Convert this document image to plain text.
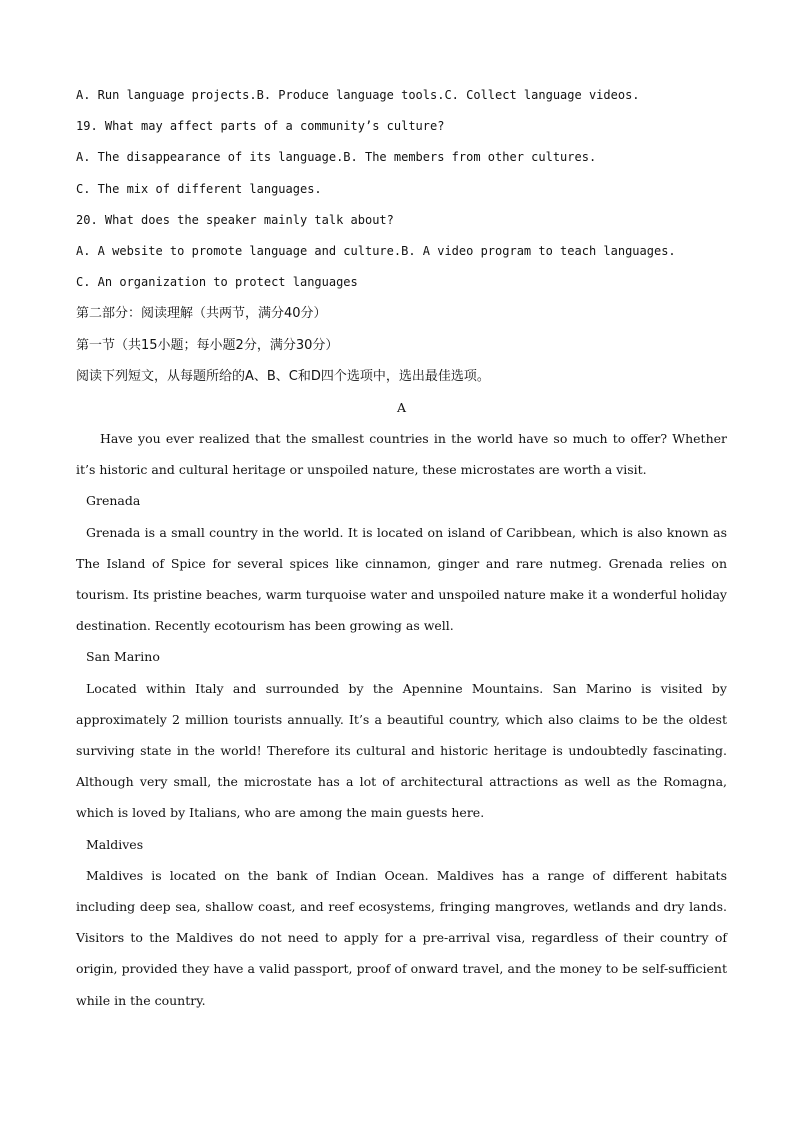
A. Run language projects.B. Produce language tools.C. Collect language videos.

19. What may affect parts of a community’s culture?

A. The disappearance of its language.B. The members from other cultures.

C. The mix of different languages.

20. What does the speaker mainly talk about?

A. A website to promote language and culture.B. A video program to teach languages.

C. An organization to protect languages

第二部分：阅读理解（共两节，满分40分）

第一节（共15小题；每小题2分，满分30分）

阅读下列短文，从每题所给的A、B、C和D四个选项中，选出最佳选项。

A

Have you ever realized that the smallest countries in the world have so much to offer? Whether it’s historic and cultural heritage or unspoiled nature, these microstates are worth a visit.

Grenada

Grenada is a small country in the world. It is located on island of Caribbean, which is also known as The Island of Spice for several spices like cinnamon, ginger and rare nutmeg. Grenada relies on tourism. Its pristine beaches, warm turquoise water and unspoiled nature make it a wonderful holiday destination. Recently ecotourism has been growing as well.

San Marino

Located within Italy and surrounded by the Apennine Mountains. San Marino is visited by approximately 2 million tourists annually. It’s a beautiful country, which also claims to be the oldest surviving state in the world! Therefore its cultural and historic heritage is undoubtedly fascinating. Although very small, the microstate has a lot of architectural attractions as well as the Romagna, which is loved by Italians, who are among the main guests here.

Maldives

Maldives is located on the bank of Indian Ocean. Maldives has a range of different habitats including deep sea, shallow coast, and reef ecosystems, fringing mangroves, wetlands and dry lands. Visitors to the Maldives do not need to apply for a pre-arrival visa, regardless of their country of origin, provided they have a valid passport, proof of onward travel, and the money to be self-sufficient while in the country.
